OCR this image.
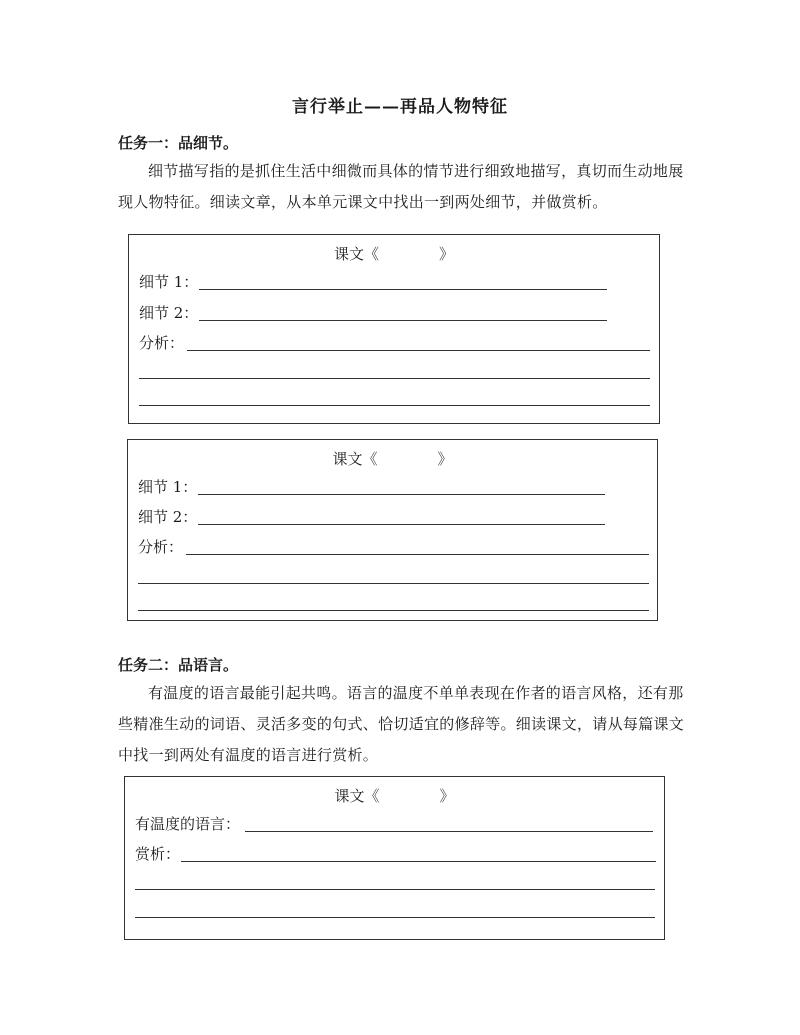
言行举止——再品人物特征
任务一：品细节。
细节描写指的是抓住生活中细微而具体的情节进行细致地描写，真切而生动地展现人物特征。细读文章，从本单元课文中找出一到两处细节，并做赏析。
课文《	》
细节 1：
细节 2：
分析：
课文《	》
细节 1：
细节 2：
分析：
任务二：品语言。
有温度的语言最能引起共鸣。语言的温度不单单表现在作者的语言风格，还有那些精准生动的词语、灵活多变的句式、恰切适宜的修辞等。细读课文，请从每篇课文中找一到两处有温度的语言进行赏析。
课文《	》
有温度的语言：
赏析：
